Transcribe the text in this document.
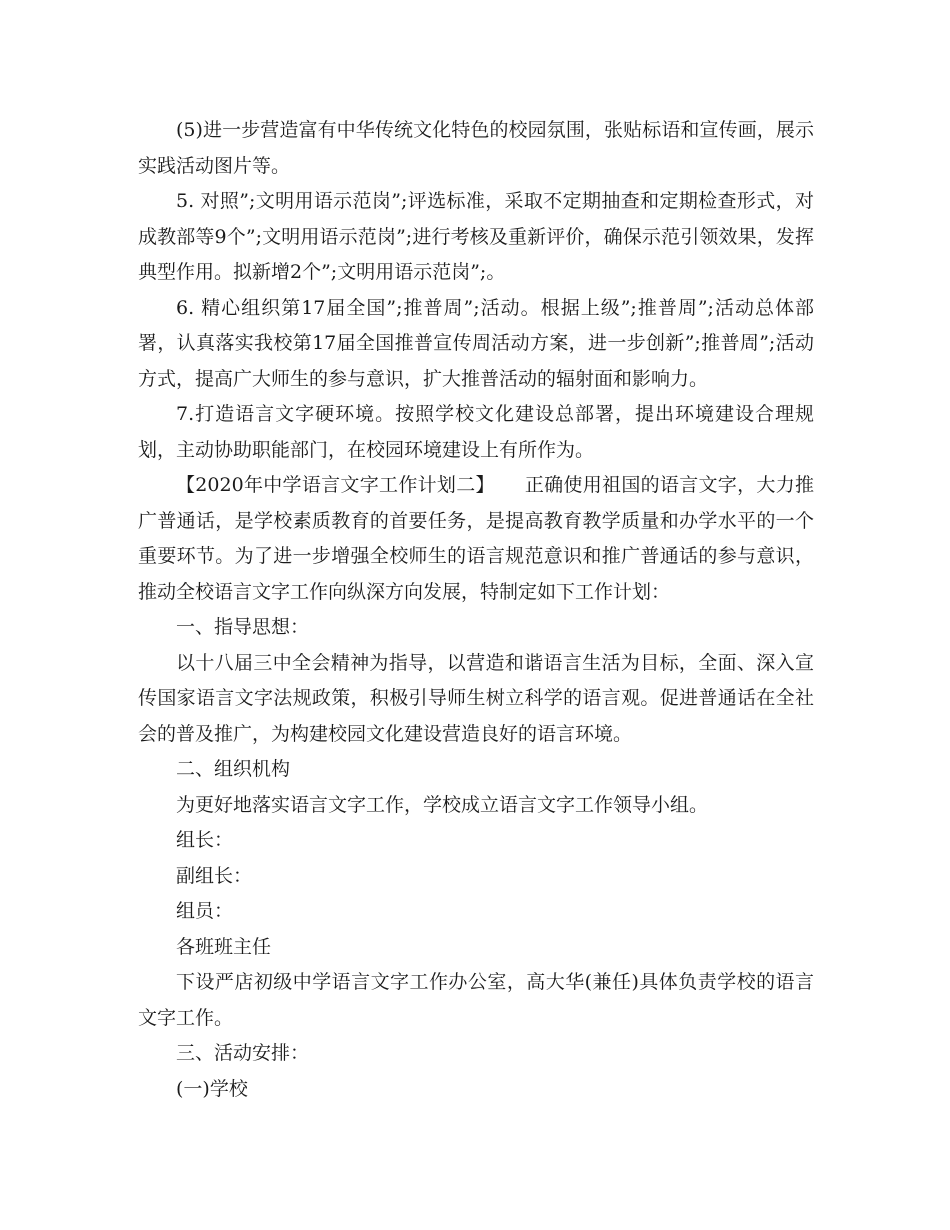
(5)进一步营造富有中华传统文化特色的校园氛围，张贴标语和宣传画，展示实践活动图片等。

5. 对照”;文明用语示范岗”;评选标准，采取不定期抽查和定期检查形式，对成教部等9个”;文明用语示范岗”;进行考核及重新评价，确保示范引领效果，发挥典型作用。拟新增2个”;文明用语示范岗”;。

6. 精心组织第17届全国”;推普周”;活动。根据上级”;推普周”;活动总体部署，认真落实我校第17届全国推普宣传周活动方案，进一步创新”;推普周”;活动方式，提高广大师生的参与意识，扩大推普活动的辐射面和影响力。

7.打造语言文字硬环境。按照学校文化建设总部署，提出环境建设合理规划，主动协助职能部门，在校园环境建设上有所作为。

【2020年中学语言文字工作计划二】 正确使用祖国的语言文字，大力推广普通话，是学校素质教育的首要任务，是提高教育教学质量和办学水平的一个重要环节。为了进一步增强全校师生的语言规范意识和推广普通话的参与意识，推动全校语言文字工作向纵深方向发展，特制定如下工作计划：

一、指导思想：

以十八届三中全会精神为指导，以营造和谐语言生活为目标，全面、深入宣传国家语言文字法规政策，积极引导师生树立科学的语言观。促进普通话在全社会的普及推广，为构建校园文化建设营造良好的语言环境。

二、组织机构

为更好地落实语言文字工作，学校成立语言文字工作领导小组。

组长：

副组长：

组员：

各班班主任

下设严店初级中学语言文字工作办公室，高大华(兼任)具体负责学校的语言文字工作。

三、活动安排：

(一)学校
